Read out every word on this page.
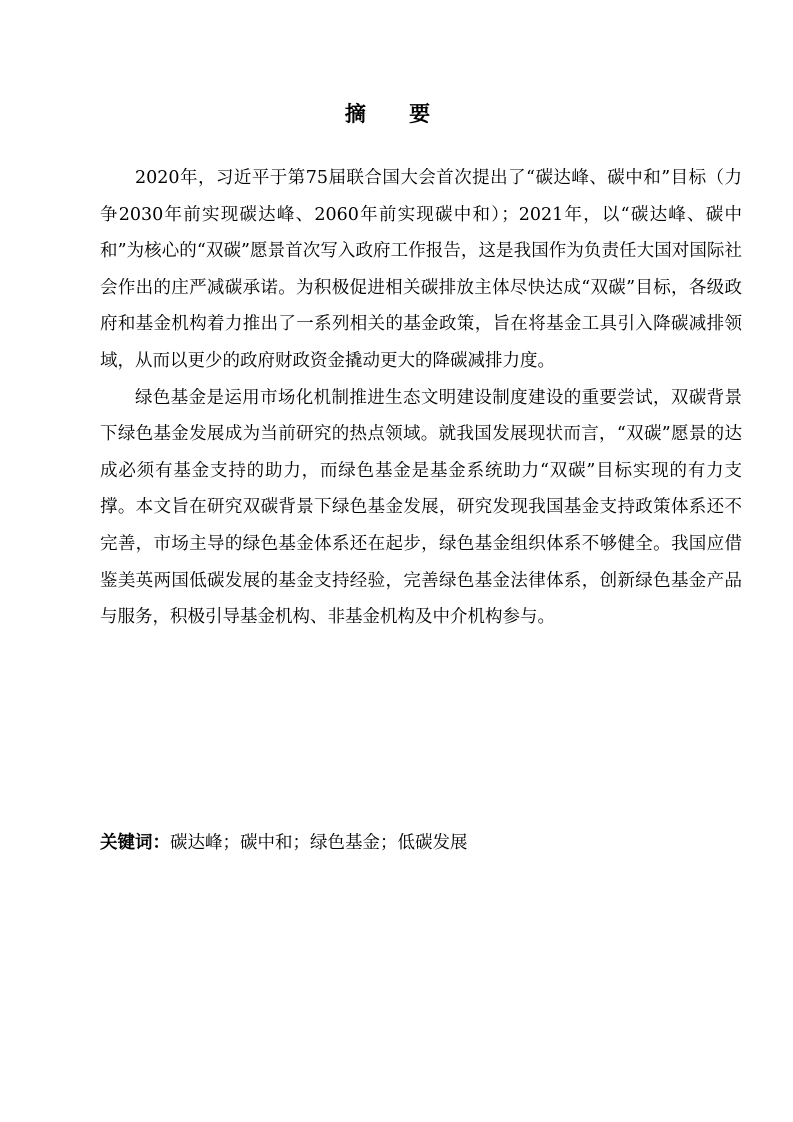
摘 要

2020年，习近平于第75届联合国大会首次提出了“碳达峰、碳中和”目标（力争2030年前实现碳达峰、2060年前实现碳中和）；2021年，以“碳达峰、碳中和”为核心的“双碳”愿景首次写入政府工作报告，这是我国作为负责任大国对国际社会作出的庄严减碳承诺。为积极促进相关碳排放主体尽快达成“双碳”目标，各级政府和基金机构着力推出了一系列相关的基金政策，旨在将基金工具引入降碳减排领域，从而以更少的政府财政资金撬动更大的降碳减排力度。

绿色基金是运用市场化机制推进生态文明建设制度建设的重要尝试，双碳背景下绿色基金发展成为当前研究的热点领域。就我国发展现状而言，“双碳”愿景的达成必须有基金支持的助力，而绿色基金是基金系统助力“双碳”目标实现的有力支撑。本文旨在研究双碳背景下绿色基金发展，研究发现我国基金支持政策体系还不完善，市场主导的绿色基金体系还在起步，绿色基金组织体系不够健全。我国应借鉴美英两国低碳发展的基金支持经验，完善绿色基金法律体系，创新绿色基金产品与服务，积极引导基金机构、非基金机构及中介机构参与。

关键词：碳达峰；碳中和；绿色基金；低碳发展
